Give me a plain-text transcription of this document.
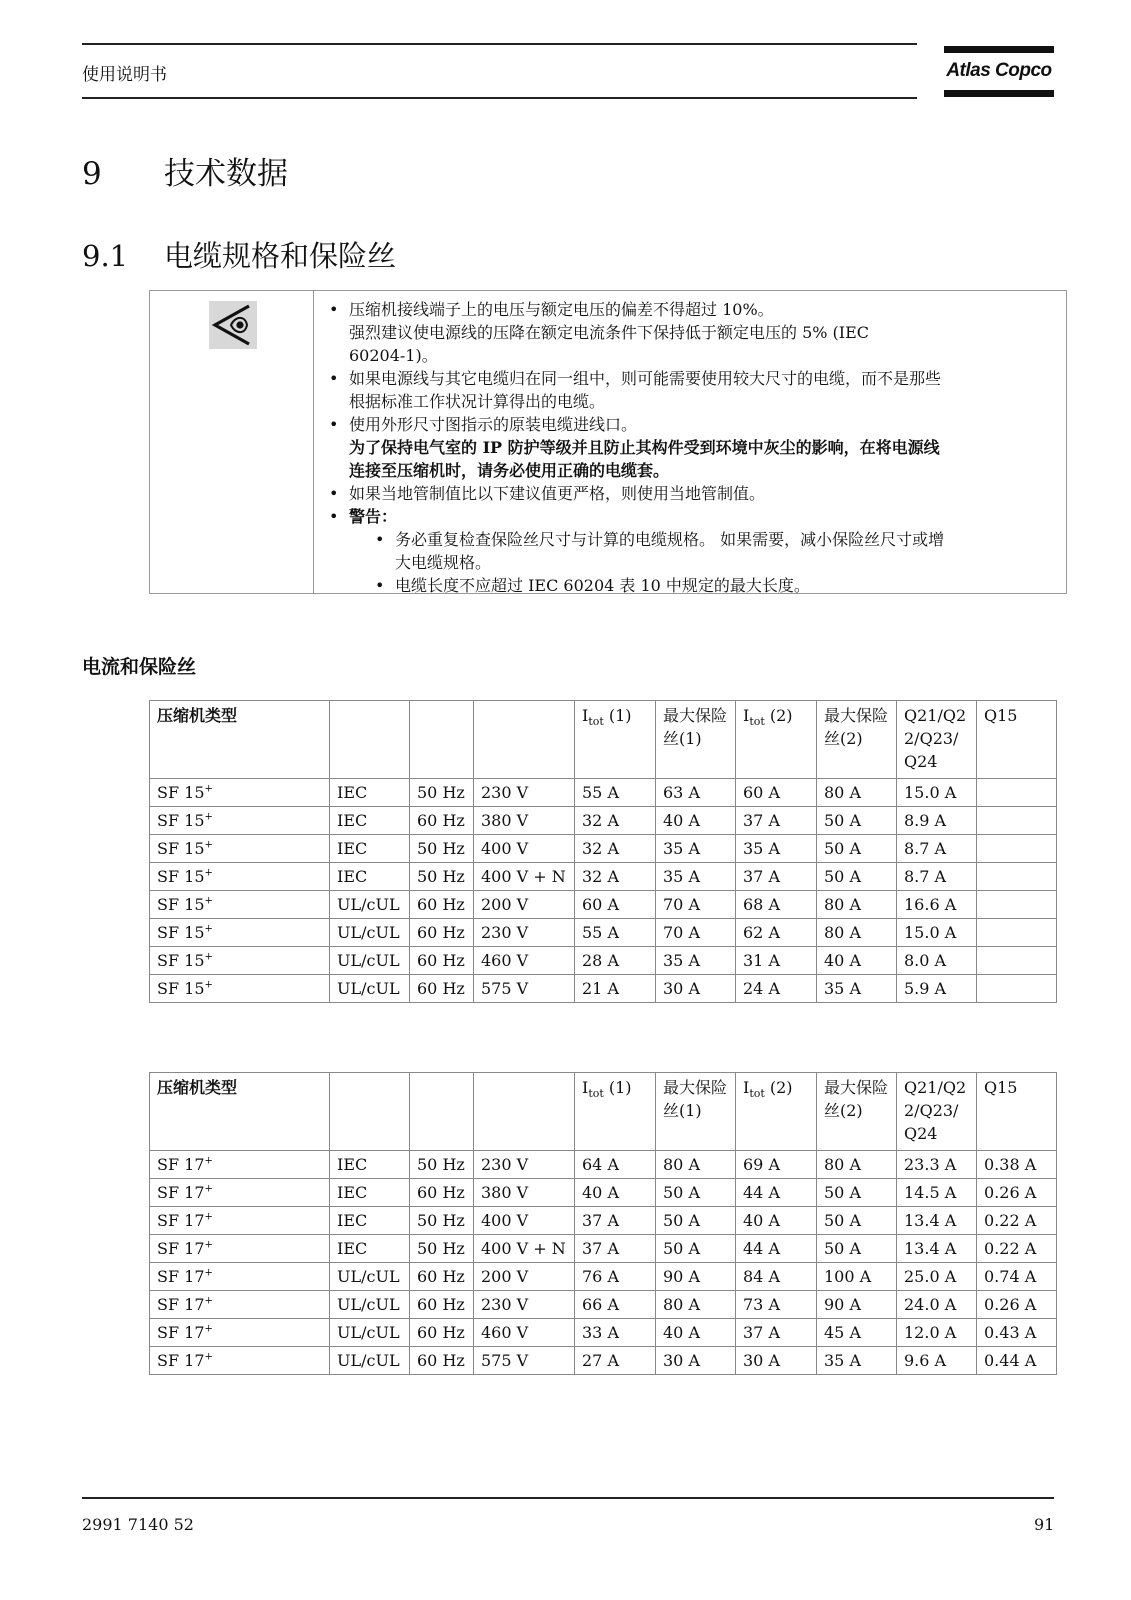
使用说明书	Atlas Copco
9 技术数据
9.1 电缆规格和保险丝
• 压缩机接线端子上的电压与额定电压的偏差不得超过 10%。
强烈建议使电源线的压降在额定电流条件下保持低于额定电压的 5% (IEC
60204-1)。
• 如果电源线与其它电缆归在同一组中，则可能需要使用较大尺寸的电缆，而不是那些
根据标准工作状况计算得出的电缆。
• 使用外形尺寸图指示的原装电缆进线口。
为了保持电气室的 IP 防护等级并且防止其构件受到环境中灰尘的影响，在将电源线
连接至压缩机时，请务必使用正确的电缆套。
• 如果当地管制值比以下建议值更严格，则使用当地管制值。
• 警告：
• 务必重复检查保险丝尺寸与计算的电缆规格。 如果需要，减小保险丝尺寸或增
大电缆规格。
• 电缆长度不应超过 IEC 60204 表 10 中规定的最大长度。
电流和保险丝
压缩机类型				$I_{tot}$ (1)	最大保险丝(1)	$I_{tot}$ (2)	最大保险丝(2)	Q21/Q22/Q23/Q24	Q15
SF 15+	IEC	50 Hz	230 V	55 A	63 A	60 A	80 A	15.0 A	
SF 15+	IEC	60 Hz	380 V	32 A	40 A	37 A	50 A	8.9 A	
SF 15+	IEC	50 Hz	400 V	32 A	35 A	35 A	50 A	8.7 A	
SF 15+	IEC	50 Hz	400 V + N	32 A	35 A	37 A	50 A	8.7 A	
SF 15+	UL/cUL	60 Hz	200 V	60 A	70 A	68 A	80 A	16.6 A	
SF 15+	UL/cUL	60 Hz	230 V	55 A	70 A	62 A	80 A	15.0 A	
SF 15+	UL/cUL	60 Hz	460 V	28 A	35 A	31 A	40 A	8.0 A	
SF 15+	UL/cUL	60 Hz	575 V	21 A	30 A	24 A	35 A	5.9 A	
压缩机类型				$I_{tot}$ (1)	最大保险丝(1)	$I_{tot}$ (2)	最大保险丝(2)	Q21/Q22/Q23/Q24	Q15
SF 17+	IEC	50 Hz	230 V	64 A	80 A	69 A	80 A	23.3 A	0.38 A
SF 17+	IEC	60 Hz	380 V	40 A	50 A	44 A	50 A	14.5 A	0.26 A
SF 17+	IEC	50 Hz	400 V	37 A	50 A	40 A	50 A	13.4 A	0.22 A
SF 17+	IEC	50 Hz	400 V + N	37 A	50 A	44 A	50 A	13.4 A	0.22 A
SF 17+	UL/cUL	60 Hz	200 V	76 A	90 A	84 A	100 A	25.0 A	0.74 A
SF 17+	UL/cUL	60 Hz	230 V	66 A	80 A	73 A	90 A	24.0 A	0.26 A
SF 17+	UL/cUL	60 Hz	460 V	33 A	40 A	37 A	45 A	12.0 A	0.43 A
SF 17+	UL/cUL	60 Hz	575 V	27 A	30 A	30 A	35 A	9.6 A	0.44 A
2991 7140 52	91
